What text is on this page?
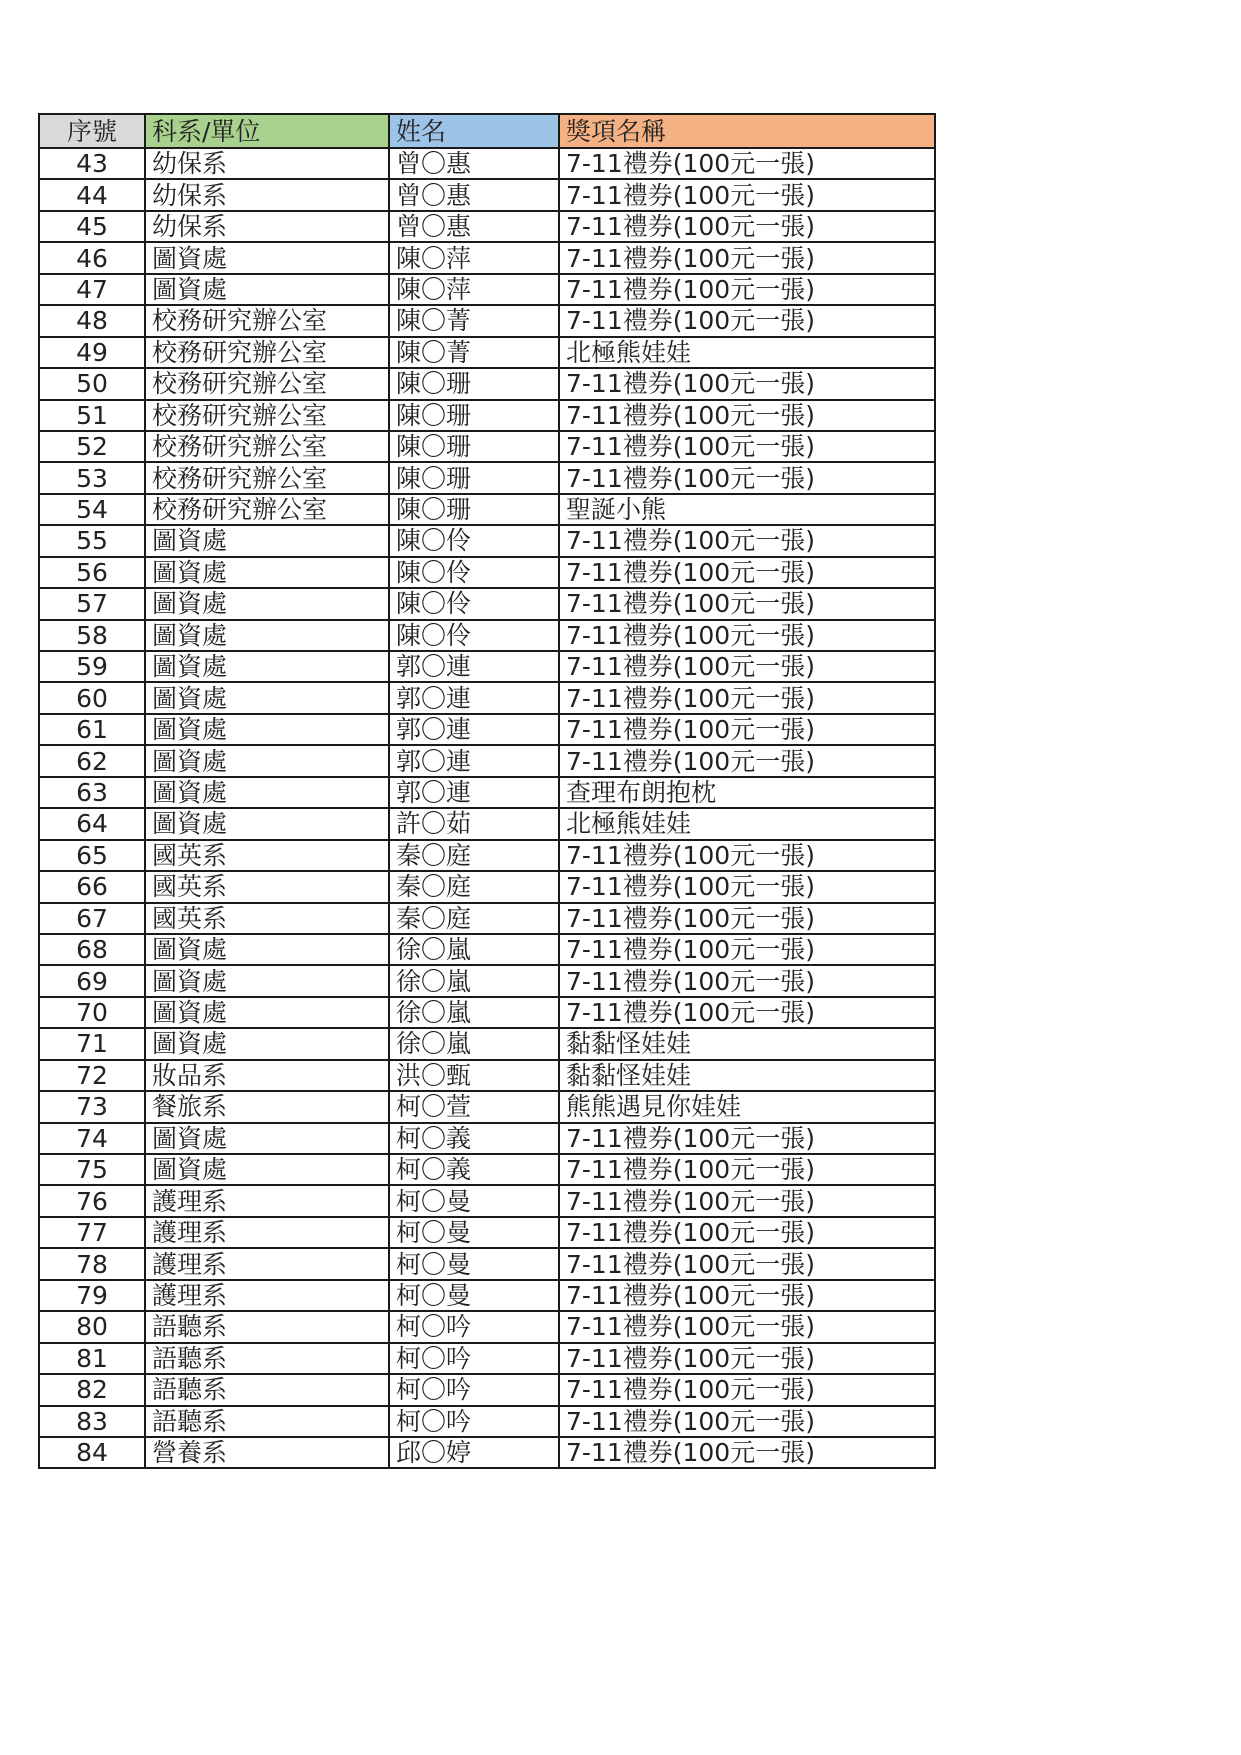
序號	科系/單位	姓名	獎項名稱
43	幼保系	曾〇惠	7-11禮券(100元一張)
44	幼保系	曾〇惠	7-11禮券(100元一張)
45	幼保系	曾〇惠	7-11禮券(100元一張)
46	圖資處	陳〇萍	7-11禮券(100元一張)
47	圖資處	陳〇萍	7-11禮券(100元一張)
48	校務研究辦公室	陳〇菁	7-11禮券(100元一張)
49	校務研究辦公室	陳〇菁	北極熊娃娃
50	校務研究辦公室	陳〇珊	7-11禮券(100元一張)
51	校務研究辦公室	陳〇珊	7-11禮券(100元一張)
52	校務研究辦公室	陳〇珊	7-11禮券(100元一張)
53	校務研究辦公室	陳〇珊	7-11禮券(100元一張)
54	校務研究辦公室	陳〇珊	聖誕小熊
55	圖資處	陳〇伶	7-11禮券(100元一張)
56	圖資處	陳〇伶	7-11禮券(100元一張)
57	圖資處	陳〇伶	7-11禮券(100元一張)
58	圖資處	陳〇伶	7-11禮券(100元一張)
59	圖資處	郭〇連	7-11禮券(100元一張)
60	圖資處	郭〇連	7-11禮券(100元一張)
61	圖資處	郭〇連	7-11禮券(100元一張)
62	圖資處	郭〇連	7-11禮券(100元一張)
63	圖資處	郭〇連	查理布朗抱枕
64	圖資處	許〇茹	北極熊娃娃
65	國英系	秦〇庭	7-11禮券(100元一張)
66	國英系	秦〇庭	7-11禮券(100元一張)
67	國英系	秦〇庭	7-11禮券(100元一張)
68	圖資處	徐〇嵐	7-11禮券(100元一張)
69	圖資處	徐〇嵐	7-11禮券(100元一張)
70	圖資處	徐〇嵐	7-11禮券(100元一張)
71	圖資處	徐〇嵐	黏黏怪娃娃
72	妝品系	洪〇甄	黏黏怪娃娃
73	餐旅系	柯〇萱	熊熊遇見你娃娃
74	圖資處	柯〇義	7-11禮券(100元一張)
75	圖資處	柯〇義	7-11禮券(100元一張)
76	護理系	柯〇曼	7-11禮券(100元一張)
77	護理系	柯〇曼	7-11禮券(100元一張)
78	護理系	柯〇曼	7-11禮券(100元一張)
79	護理系	柯〇曼	7-11禮券(100元一張)
80	語聽系	柯〇吟	7-11禮券(100元一張)
81	語聽系	柯〇吟	7-11禮券(100元一張)
82	語聽系	柯〇吟	7-11禮券(100元一張)
83	語聽系	柯〇吟	7-11禮券(100元一張)
84	營養系	邱〇婷	7-11禮券(100元一張)
